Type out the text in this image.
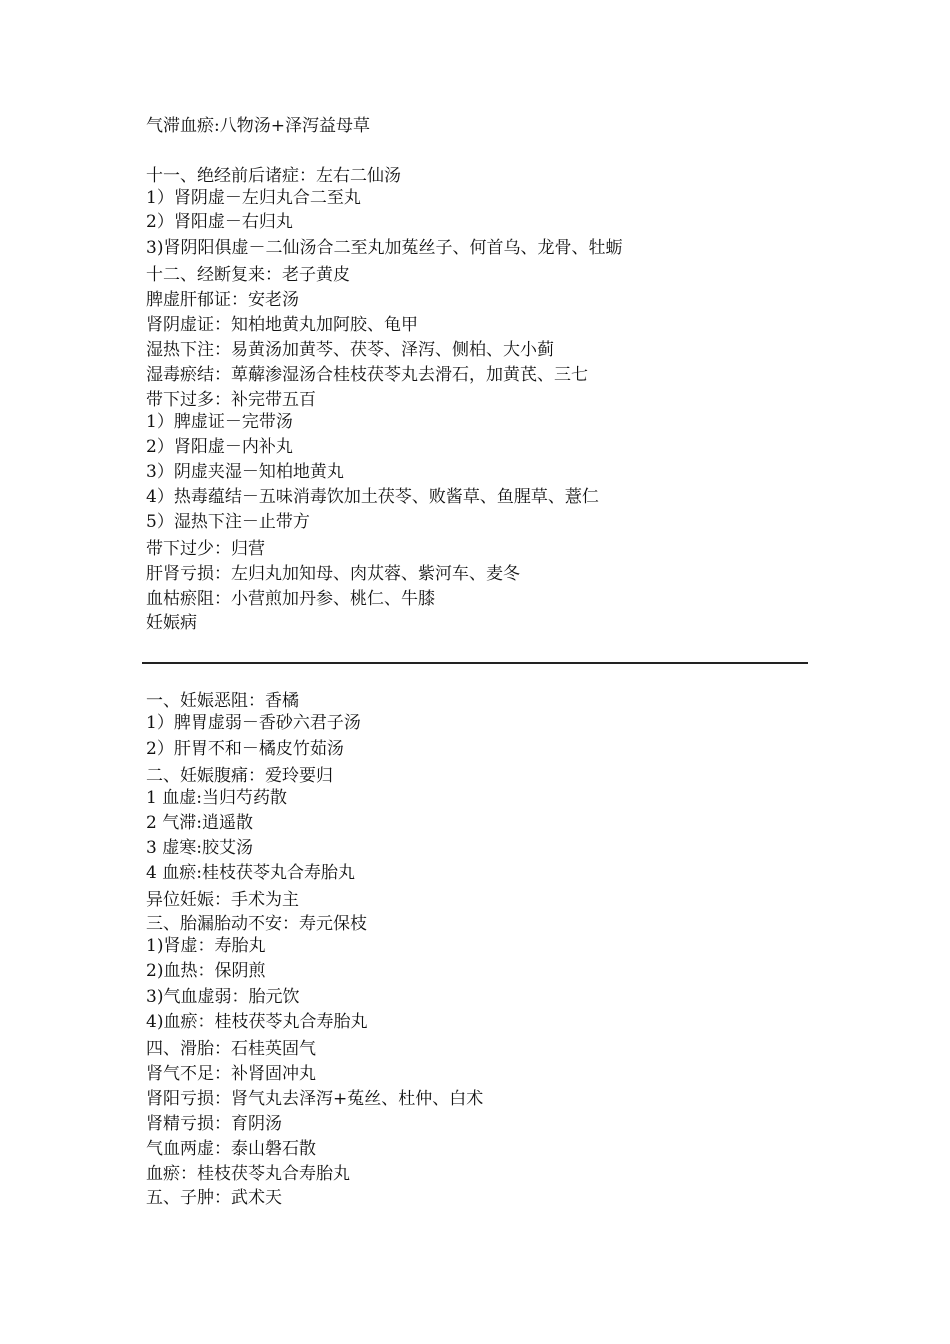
气滞血瘀:八物汤+泽泻益母草
十一、绝经前后诸症：左右二仙汤
1）肾阴虚－左归丸合二至丸
2）肾阳虚－右归丸
3)肾阴阳俱虚－二仙汤合二至丸加菟丝子、何首乌、龙骨、牡蛎
十二、经断复来：老子黄皮
脾虚肝郁证：安老汤
肾阴虚证：知柏地黄丸加阿胶、龟甲
湿热下注：易黄汤加黄芩、茯苓、泽泻、侧柏、大小蓟
湿毒瘀结：萆薢渗湿汤合桂枝茯苓丸去滑石，加黄芪、三七
带下过多：补完带五百
1）脾虚证－完带汤
2）肾阳虚－内补丸
3）阴虚夹湿－知柏地黄丸
4）热毒蕴结－五味消毒饮加土茯苓、败酱草、鱼腥草、薏仁
5）湿热下注－止带方
带下过少：归营
肝肾亏损：左归丸加知母、肉苁蓉、紫河车、麦冬
血枯瘀阻：小营煎加丹参、桃仁、牛膝
妊娠病
一、妊娠恶阻：香橘
1）脾胃虚弱－香砂六君子汤
2）肝胃不和－橘皮竹茹汤
二、妊娠腹痛：爱玲要归
1 血虚:当归芍药散
2 气滞:逍遥散
3 虚寒:胶艾汤
4 血瘀:桂枝茯苓丸合寿胎丸
异位妊娠：手术为主
三、胎漏胎动不安：寿元保枝
1)肾虚：寿胎丸
2)血热：保阴煎
3)气血虚弱：胎元饮
4)血瘀：桂枝茯苓丸合寿胎丸
四、滑胎：石桂英固气
肾气不足：补肾固冲丸
肾阳亏损：肾气丸去泽泻+菟丝、杜仲、白术
肾精亏损：育阴汤
气血两虚：泰山磐石散
血瘀：桂枝茯苓丸合寿胎丸
五、子肿：武术天
